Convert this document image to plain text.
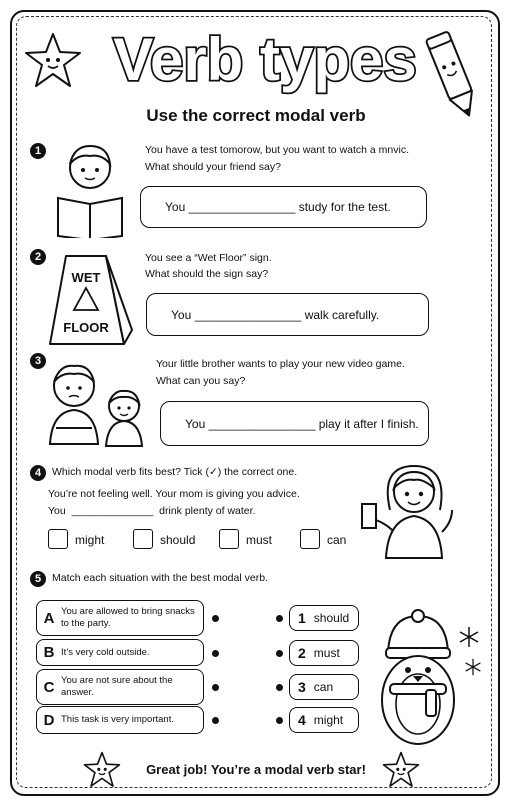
Verb types
Use the correct modal verb
1	You have a test tomorow, but you want to watch a mnvic.
What should your friend say?
You
________________
study for the test.
2
WET
FLOOR
You see a “Wet Floor” sign.
What should the sign say?
You
________________
walk carefully.
3	Your little brother wants to play your new video game.
What can you say?
You
________________
play it after I finish.
4	Which modal verb fits best? Tick (✓) the correct one.
You’re not feeling well. Your mom is giving you advice.
You ______________ drink plenty of water.
might	should	must	can
5	Match each situation with the best modal verb.
A You are allowed to bring snacks to the party.
B It’s very cold outside.
C You are not sure about the answer.
D This task is very important.
1 should
2 must
3 can
4 might
Great job! You’re a modal verb star!
